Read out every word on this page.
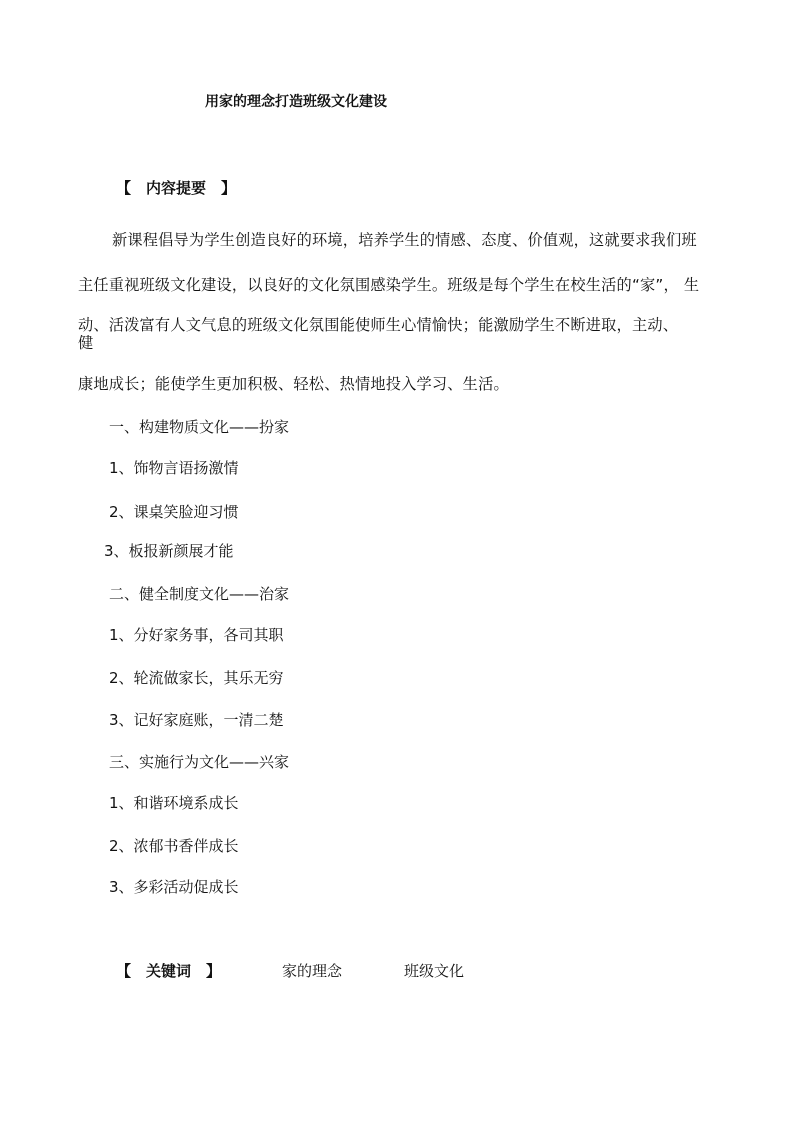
用家的理念打造班级文化建设
【　内容提要　】
新课程倡导为学生创造良好的环境，培养学生的情感、态度、价值观，这就要求我们班
主任重视班级文化建设，以良好的文化氛围感染学生。班级是每个学生在校生活的“家”， 生
动、活泼富有人文气息的班级文化氛围能使师生心情愉快；能激励学生不断进取，主动、
健
康地成长；能使学生更加积极、轻松、热情地投入学习、生活。
一、构建物质文化——扮家
1、饰物言语扬激情
2、课桌笑脸迎习惯
3、板报新颜展才能
二、健全制度文化——治家
1、分好家务事，各司其职
2、轮流做家长，其乐无穷
3、记好家庭账，一清二楚
三、实施行为文化——兴家
1、和谐环境系成长
2、浓郁书香伴成长
3、多彩活动促成长
【　关键词　】	家的理念	班级文化
